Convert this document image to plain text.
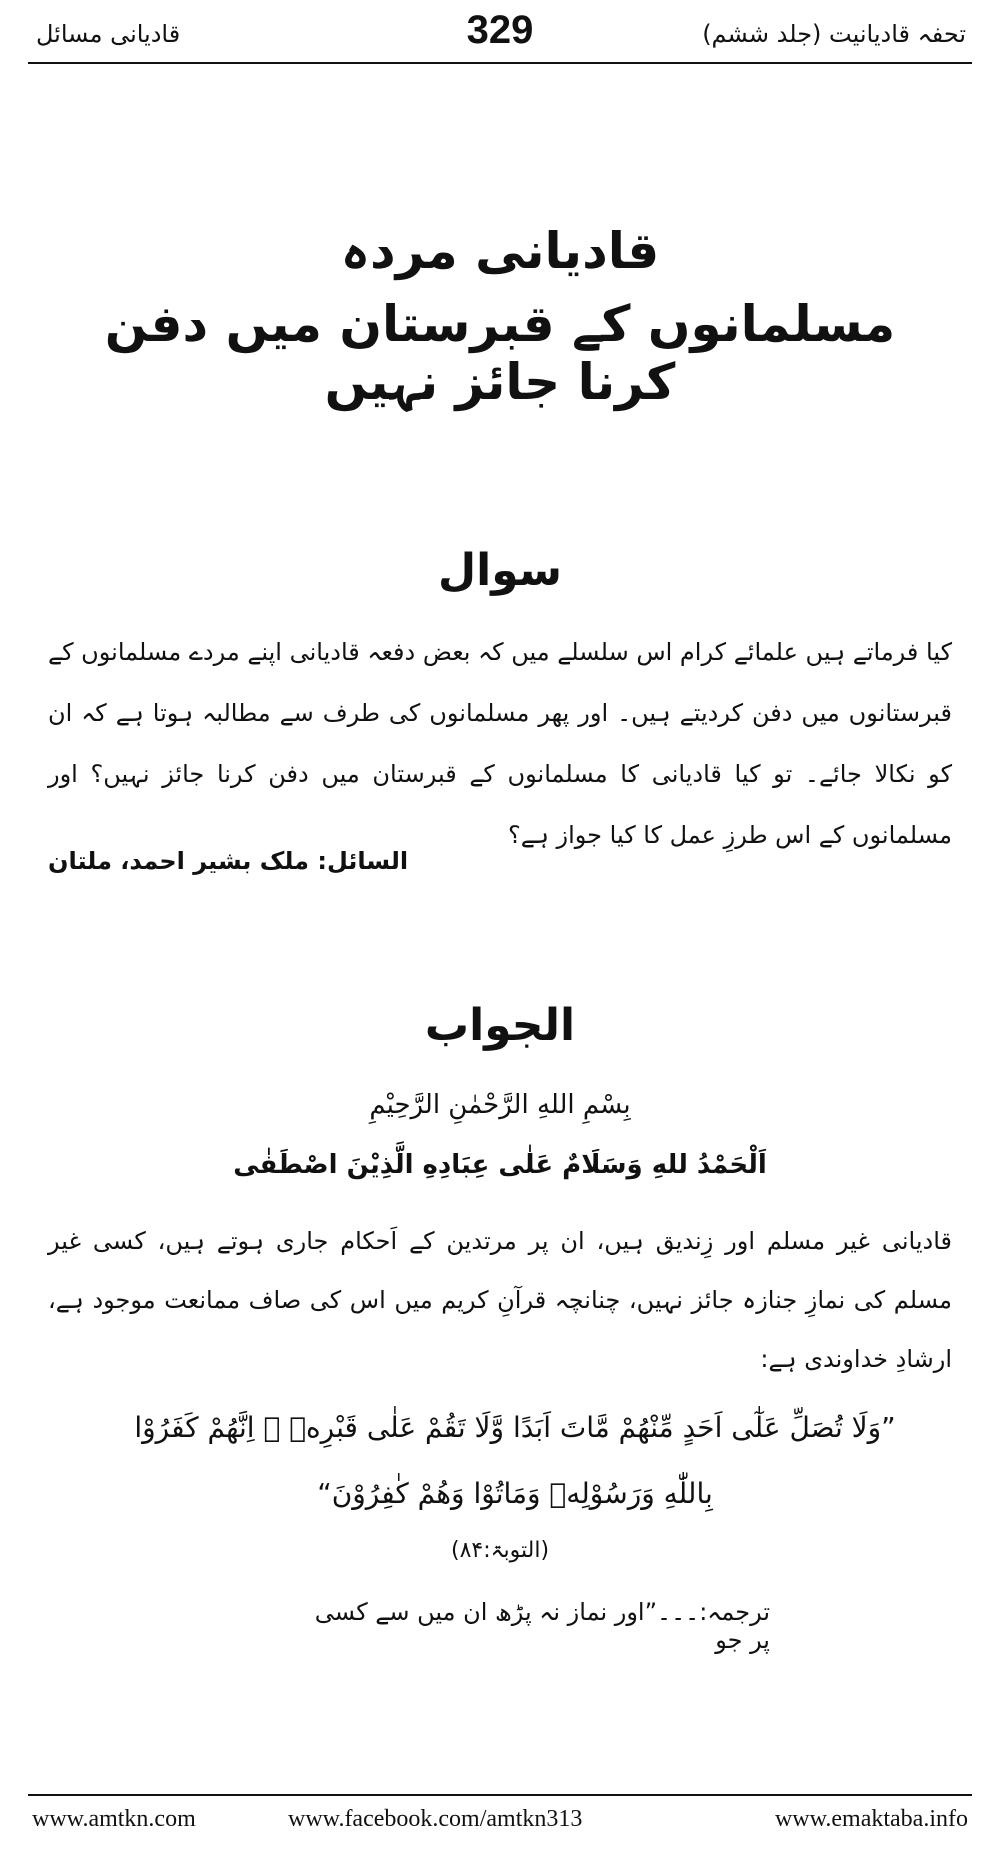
تحفہ قادیانیت (جلد ششم)
329
قادیانی مسائل
قادیانی مردہ
مسلمانوں کے قبرستان میں دفن کرنا جائز نہیں
سوال
کیا فرماتے ہیں علمائے کرام اس سلسلے میں کہ بعض دفعہ قادیانی اپنے مردے مسلمانوں کے قبرستانوں میں دفن کردیتے ہیں۔ اور پھر مسلمانوں کی طرف سے مطالبہ ہوتا ہے کہ ان کو نکالا جائے۔ تو کیا قادیانی کا مسلمانوں کے قبرستان میں دفن کرنا جائز نہیں؟ اور مسلمانوں کے اس طرزِ عمل کا کیا جواز ہے؟
السائل: ملک بشیر احمد، ملتان
الجواب
بِسْمِ اللهِ الرَّحْمٰنِ الرَّحِیْمِ
اَلْحَمْدُ للهِ وَسَلَامٌ عَلٰی عِبَادِهِ الَّذِیْنَ اصْطَفٰی
قادیانی غیر مسلم اور زِندیق ہیں، ان پر مرتدین کے اَحکام جاری ہوتے ہیں، کسی غیر مسلم کی نمازِ جنازہ جائز نہیں، چنانچہ قرآنِ کریم میں اس کی صاف ممانعت موجود ہے، ارشادِ خداوندی ہے:
”وَلَا تُصَلِّ عَلٰٓی اَحَدٍ مِّنْهُمْ مَّاتَ اَبَدًا وَّلَا تَقُمْ عَلٰی قَبْرِهٖ ۭ اِنَّهُمْ كَفَرُوْا بِاللّٰهِ وَرَسُوْلِهٖ وَمَاتُوْا وَهُمْ كٰفِرُوْنَ“
(التوبۃ:۸۴)
ترجمہ:۔۔۔”اور نماز نہ پڑھ ان میں سے کسی پر جو
www.amtkn.com	www.facebook.com/amtkn313	www.emaktaba.info
